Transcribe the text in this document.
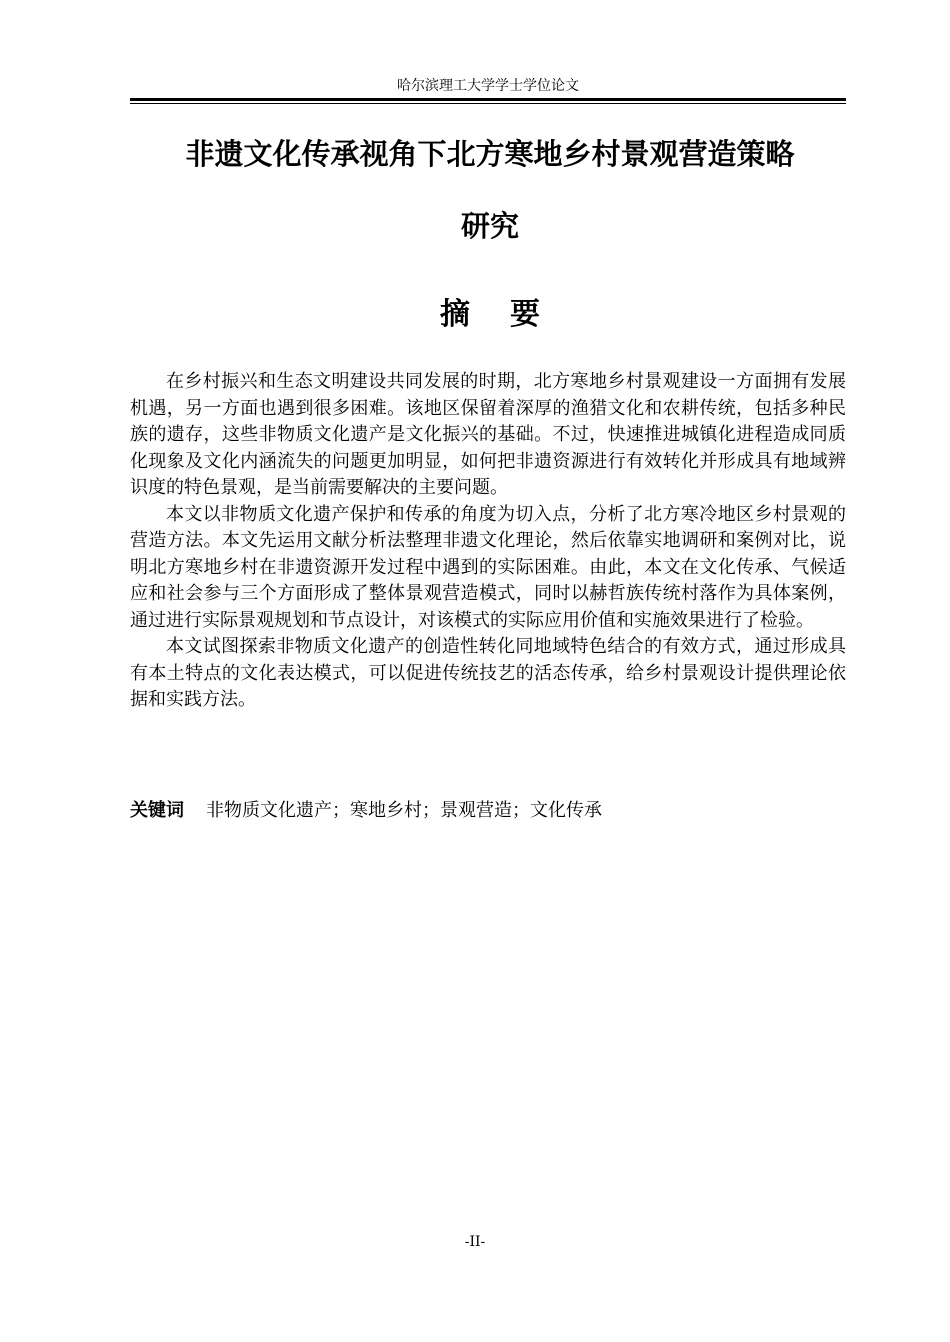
哈尔滨理工大学学士学位论文
非遗文化传承视角下北方寒地乡村景观营造策略
研究
摘要

在乡村振兴和生态文明建设共同发展的时期，北方寒地乡村景观建设一方面拥有发展机遇，另一方面也遇到很多困难。该地区保留着深厚的渔猎文化和农耕传统，包括多种民族的遗存，这些非物质文化遗产是文化振兴的基础。不过，快速推进城镇化进程造成同质化现象及文化内涵流失的问题更加明显，如何把非遗资源进行有效转化并形成具有地域辨识度的特色景观，是当前需要解决的主要问题。

本文以非物质文化遗产保护和传承的角度为切入点，分析了北方寒冷地区乡村景观的营造方法。本文先运用文献分析法整理非遗文化理论，然后依靠实地调研和案例对比，说明北方寒地乡村在非遗资源开发过程中遇到的实际困难。由此，本文在文化传承、气候适应和社会参与三个方面形成了整体景观营造模式，同时以赫哲族传统村落作为具体案例，通过进行实际景观规划和节点设计，对该模式的实际应用价值和实施效果进行了检验。

本文试图探索非物质文化遗产的创造性转化同地域特色结合的有效方式，通过形成具有本土特点的文化表达模式，可以促进传统技艺的活态传承，给乡村景观设计提供理论依据和实践方法。

关键词 非物质文化遗产；寒地乡村；景观营造；文化传承
-II-
